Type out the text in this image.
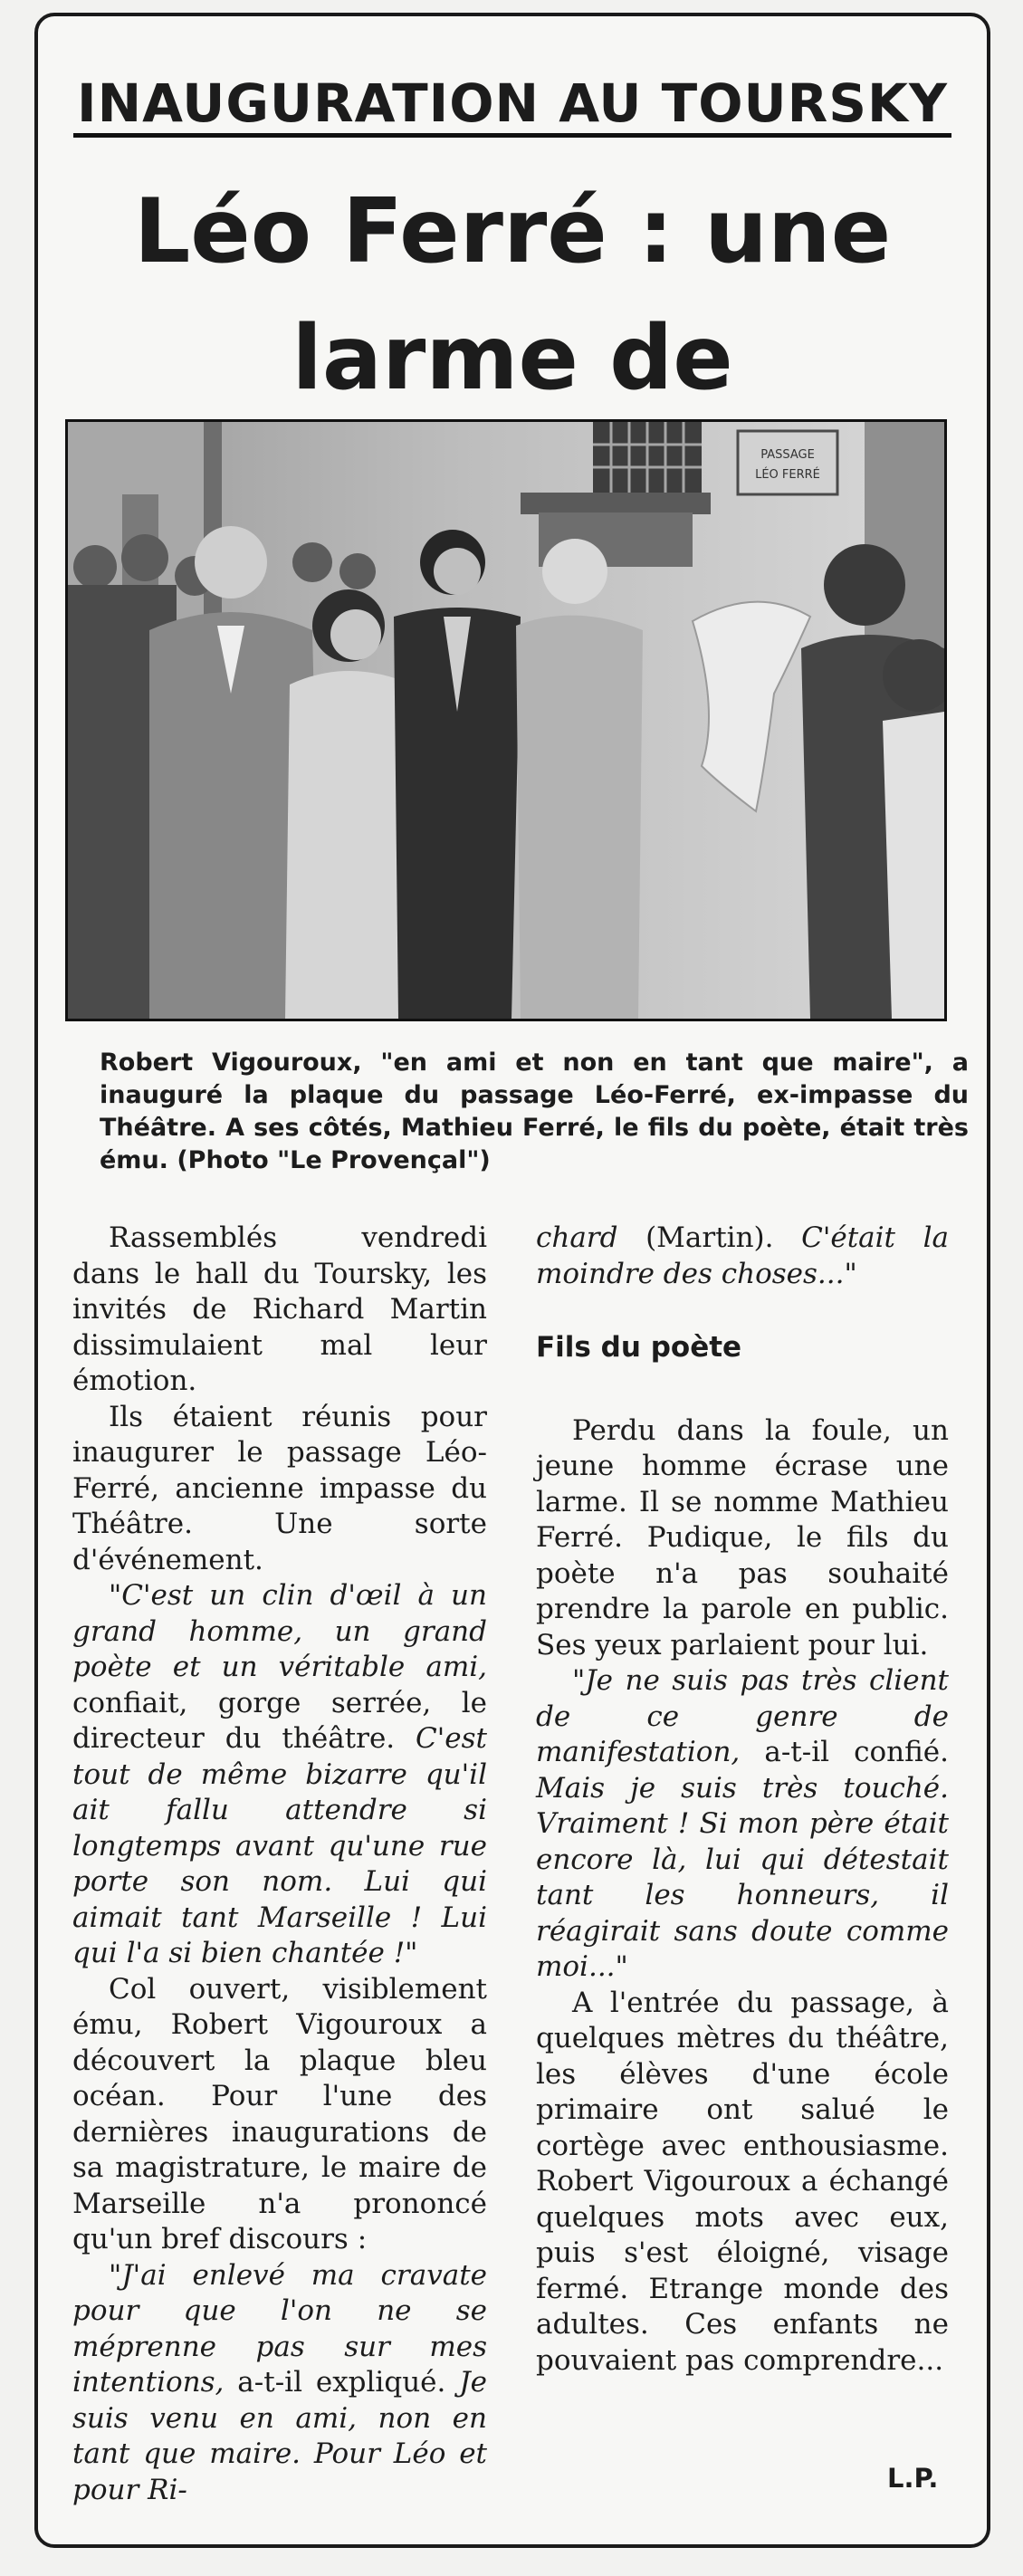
INAUGURATION AU TOURSKY
Léo Ferré : une
larme de
PASSAGE
LÉO FERRÉ
Robert Vigouroux, "en ami et non en tant que maire", a inauguré la plaque du passage Léo-Ferré, ex-impasse du Théâtre. A ses côtés, Mathieu Ferré, le fils du poète, était très ému. (Photo "Le Provençal")

Rassemblés vendredi dans le hall du Toursky, les invités de Richard Martin dissimulaient mal leur émotion.

Ils étaient réunis pour inaugurer le passage Léo-Ferré, ancienne impasse du Théâtre. Une sorte d'événement.

"C'est un clin d'œil à un grand homme, un grand poète et un véritable ami, confiait, gorge serrée, le directeur du théâtre. C'est tout de même bizarre qu'il ait fallu attendre si longtemps avant qu'une rue porte son nom. Lui qui aimait tant Marseille ! Lui qui l'a si bien chantée !"

Col ouvert, visiblement ému, Robert Vigouroux a découvert la plaque bleu océan. Pour l'une des dernières inaugurations de sa magistrature, le maire de Marseille n'a prononcé qu'un bref discours :

"J'ai enlevé ma cravate pour que l'on ne se méprenne pas sur mes intentions, a-t-il expliqué. Je suis venu en ami, non en tant que maire. Pour Léo et pour Ri-

chard (Martin). C'était la moindre des choses..."

Fils du poète

Perdu dans la foule, un jeune homme écrase une larme. Il se nomme Mathieu Ferré. Pudique, le fils du poète n'a pas souhaité prendre la parole en public. Ses yeux parlaient pour lui.

"Je ne suis pas très client de ce genre de manifestation, a-t-il confié. Mais je suis très touché. Vraiment ! Si mon père était encore là, lui qui détestait tant les honneurs, il réagirait sans doute comme moi..."

A l'entrée du passage, à quelques mètres du théâtre, les élèves d'une école primaire ont salué le cortège avec enthousiasme. Robert Vigouroux a échangé quelques mots avec eux, puis s'est éloigné, visage fermé. Etrange monde des adultes. Ces enfants ne pouvaient pas comprendre...

L.P.
